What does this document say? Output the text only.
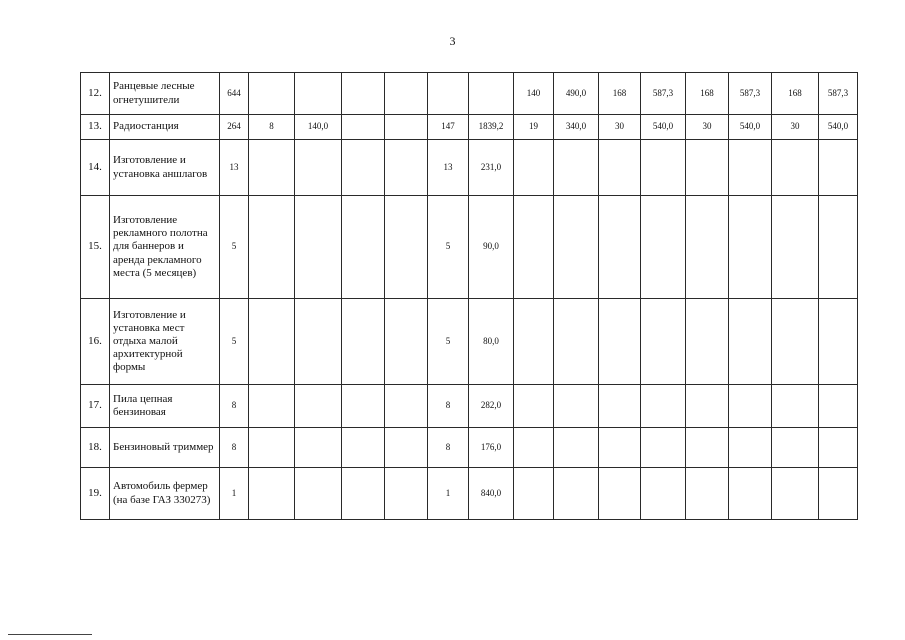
3
12.	Ранцевые лесные огнетушители	644							140	490,0	168	587,3	168	587,3	168	587,3
13.	Радиостанция	264	8	140,0			147	1839,2	19	340,0	30	540,0	30	540,0	30	540,0
14.	Изготовление и установка аншлагов	13					13	231,0								
15.	Изготовление рекламного полотна для баннеров и аренда рекламного места (5 месяцев)	5					5	90,0								
16.	Изготовление и установка мест отдыха малой архитектурной формы	5					5	80,0								
17.	Пила цепная бензиновая	8					8	282,0								
18.	Бензиновый триммер	8					8	176,0								
19.	Автомобиль фермер (на базе ГАЗ 330273)	1					1	840,0								
